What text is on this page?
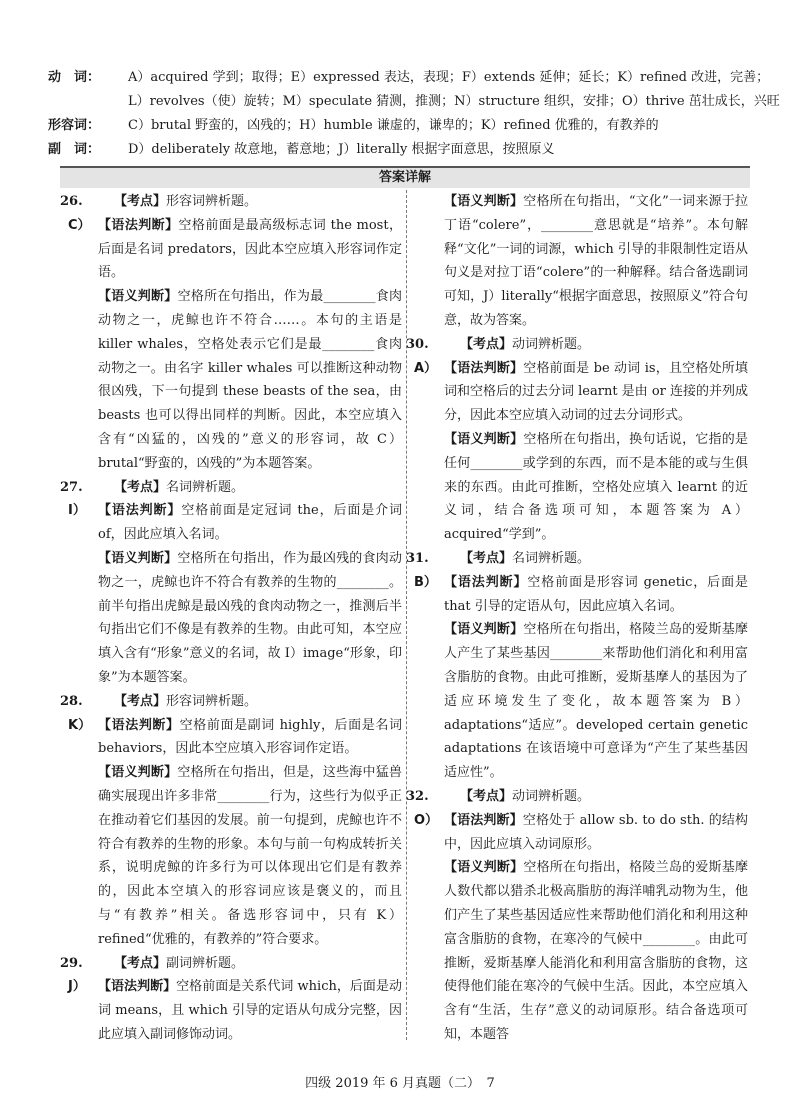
动　词：	A）acquired 学到；取得；E）expressed 表达，表现；F）extends 延伸；延长；K）refined 改进，完善；
L）revolves（使）旋转；M）speculate 猜测，推测；N）structure 组织，安排；O）thrive 茁壮成长，兴旺
形容词：	C）brutal 野蛮的，凶残的；H）humble 谦虚的，谦卑的；K）refined 优雅的，有教养的
副　词：	D）deliberately 故意地，蓄意地；J）literally 根据字面意思，按照原义
答案详解
26. 【考点】形容词辨析题。
C） 【语法判断】空格前面是最高级标志词 the most，后面是名词 predators，因此本空应填入形容词作定语。
【语义判断】空格所在句指出，作为最________食肉动物之一，虎鲸也许不符合……。本句的主语是 killer whales，空格处表示它们是最________食肉动物之一。由名字 killer whales 可以推断这种动物很凶残，下一句提到 these beasts of the sea，由 beasts 也可以得出同样的判断。因此，本空应填入含有“凶猛的，凶残的”意义的形容词，故 C）brutal“野蛮的，凶残的”为本题答案。
27. 【考点】名词辨析题。
I） 【语法判断】空格前面是定冠词 the，后面是介词 of，因此应填入名词。
【语义判断】空格所在句指出，作为最凶残的食肉动物之一，虎鲸也许不符合有教养的生物的________。前半句指出虎鲸是最凶残的食肉动物之一，推测后半句指出它们不像是有教养的生物。由此可知，本空应填入含有“形象”意义的名词，故 I）image“形象，印象”为本题答案。
28. 【考点】形容词辨析题。
K） 【语法判断】空格前面是副词 highly，后面是名词 behaviors，因此本空应填入形容词作定语。
【语义判断】空格所在句指出，但是，这些海中猛兽确实展现出许多非常________行为，这些行为似乎正在推动着它们基因的发展。前一句提到，虎鲸也许不符合有教养的生物的形象。本句与前一句构成转折关系，说明虎鲸的许多行为可以体现出它们是有教养的，因此本空填入的形容词应该是褒义的，而且与“有教养”相关。备选形容词中，只有 K）refined“优雅的，有教养的”符合要求。
29. 【考点】副词辨析题。
J） 【语法判断】空格前面是关系代词 which，后面是动词 means，且 which 引导的定语从句成分完整，因此应填入副词修饰动词。
【语义判断】空格所在句指出，“文化”一词来源于拉丁语“colere”，________意思就是“培养”。本句解释“文化”一词的词源，which 引导的非限制性定语从句义是对拉丁语“colere”的一种解释。结合备选副词可知，J）literally“根据字面意思，按照原义”符合句意，故为答案。
30. 【考点】动词辨析题。
A） 【语法判断】空格前面是 be 动词 is，且空格处所填词和空格后的过去分词 learnt 是由 or 连接的并列成分，因此本空应填入动词的过去分词形式。
【语义判断】空格所在句指出，换句话说，它指的是任何________或学到的东西，而不是本能的或与生俱来的东西。由此可推断，空格处应填入 learnt 的近义词，结合备选项可知，本题答案为 A）acquired“学到”。
31. 【考点】名词辨析题。
B） 【语法判断】空格前面是形容词 genetic，后面是 that 引导的定语从句，因此应填入名词。
【语义判断】空格所在句指出，格陵兰岛的爱斯基摩人产生了某些基因________来帮助他们消化和利用富含脂肪的食物。由此可推断，爱斯基摩人的基因为了适应环境发生了变化，故本题答案为 B）adaptations“适应”。developed certain genetic adaptations 在该语境中可意译为“产生了某些基因适应性”。
32. 【考点】动词辨析题。
O） 【语法判断】空格处于 allow sb. to do sth. 的结构中，因此应填入动词原形。
【语义判断】空格所在句指出，格陵兰岛的爱斯基摩人数代都以猎杀北极高脂肪的海洋哺乳动物为生，他们产生了某些基因适应性来帮助他们消化和利用这种富含脂肪的食物，在寒冷的气候中________。由此可推断，爱斯基摩人能消化和利用富含脂肪的食物，这使得他们能在寒冷的气候中生活。因此，本空应填入含有“生活，生存”意义的动词原形。结合备选项可知，本题答
四级 2019 年 6 月真题（二）　7
